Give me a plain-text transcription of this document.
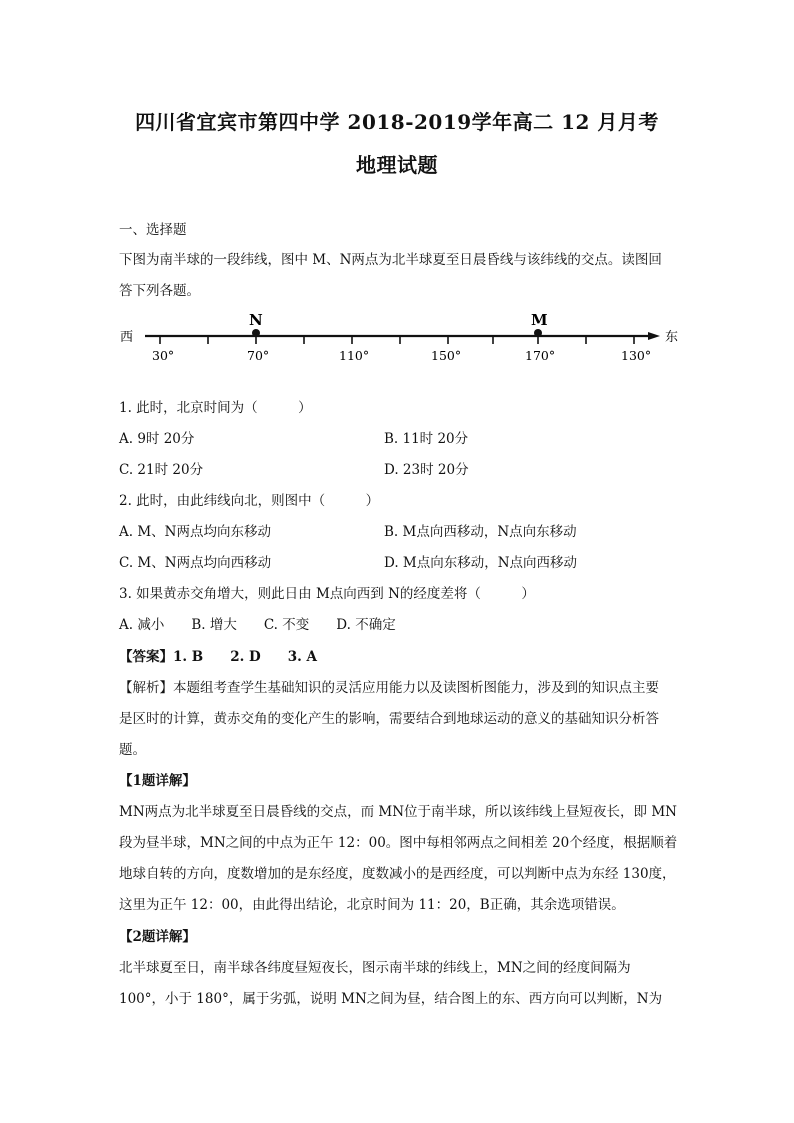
四川省宜宾市第四中学 2018-2019学年高二 12 月月考
地理试题
一、选择题
下图为南半球的一段纬线，图中 M、N两点为北半球夏至日晨昏线与该纬线的交点。读图回
答下列各题。
西	东
N	M
30°	70°	110°	150°	170°	130°
1. 此时，北京时间为（　　　）
A. 9时 20分	B. 11时 20分
C. 21时 20分	D. 23时 20分
2. 此时，由此纬线向北，则图中（　　　）
A. M、N两点均向东移动	B. M点向西移动，N点向东移动
C. M、N两点均向西移动	D. M点向东移动，N点向西移动
3. 如果黄赤交角增大，则此日由 M点向西到 N的经度差将（　　　）
A. 减小　　B. 增大　　C. 不变　　D. 不确定
【答案】1. B　　2. D　　3. A
【解析】本题组考查学生基础知识的灵活应用能力以及读图析图能力，涉及到的知识点主要
是区时的计算，黄赤交角的变化产生的影响，需要结合到地球运动的意义的基础知识分析答
题。
【1题详解】
MN两点为北半球夏至日晨昏线的交点，而 MN位于南半球，所以该纬线上昼短夜长，即 MN
段为昼半球，MN之间的中点为正午 12：00。图中每相邻两点之间相差 20个经度，根据顺着
地球自转的方向，度数增加的是东经度，度数减小的是西经度，可以判断中点为东经 130度，
这里为正午 12：00，由此得出结论，北京时间为 11：20，B正确，其余选项错误。
【2题详解】
北半球夏至日，南半球各纬度昼短夜长，图示南半球的纬线上，MN之间的经度间隔为
100°，小于 180°，属于劣弧，说明 MN之间为昼，结合图上的东、西方向可以判断，N为
